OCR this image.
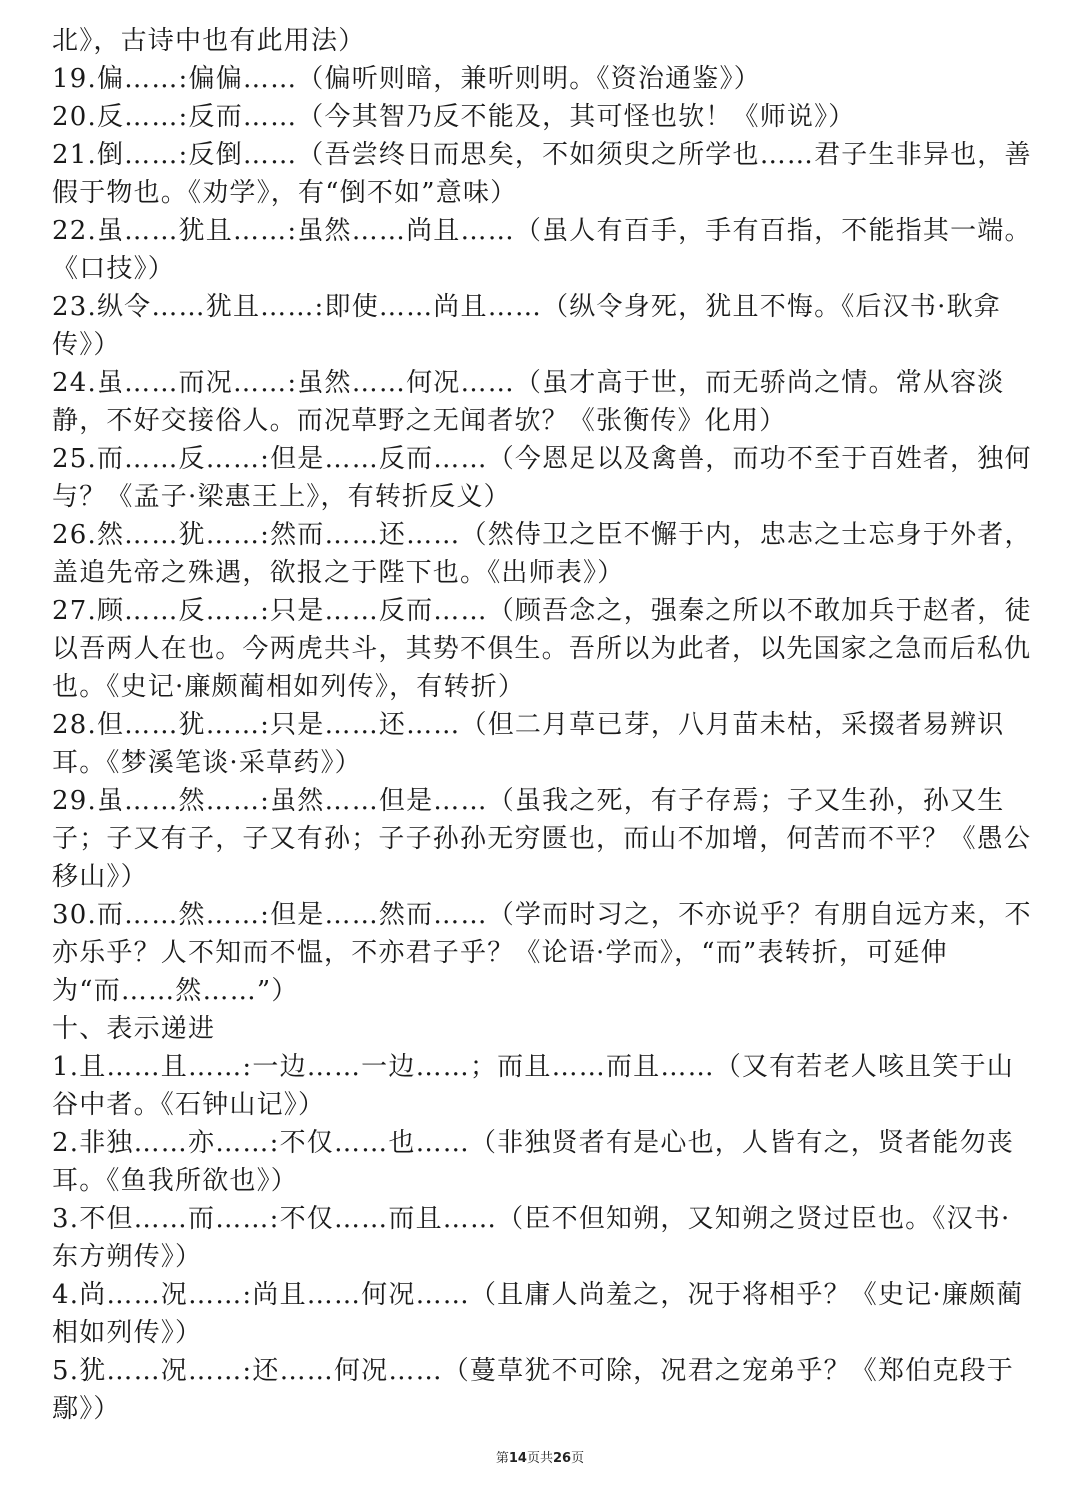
北》，古诗中也有此用法）

19.偏……:偏偏……（偏听则暗，兼听则明。《资治通鉴》）

20.反……:反而……（今其智乃反不能及，其可怪也欤！《师说》）

21.倒……:反倒……（吾尝终日而思矣，不如须臾之所学也……君子生非异也，善假于物也。《劝学》，有“倒不如”意味）

22.虽……犹且……:虽然……尚且……（虽人有百手，手有百指，不能指其一端。《口技》）

23.纵令……犹且……:即使……尚且……（纵令身死，犹且不悔。《后汉书·耿弇传》）

24.虽……而况……:虽然……何况……（虽才高于世，而无骄尚之情。常从容淡静，不好交接俗人。而况草野之无闻者欤？《张衡传》化用）

25.而……反……:但是……反而……（今恩足以及禽兽，而功不至于百姓者，独何与？《孟子·梁惠王上》，有转折反义）

26.然……犹……:然而……还……（然侍卫之臣不懈于内，忠志之士忘身于外者，盖追先帝之殊遇，欲报之于陛下也。《出师表》）

27.顾……反……:只是……反而……（顾吾念之，强秦之所以不敢加兵于赵者，徒以吾两人在也。今两虎共斗，其势不俱生。吾所以为此者，以先国家之急而后私仇也。《史记·廉颇蔺相如列传》，有转折）

28.但……犹……:只是……还……（但二月草已芽，八月苗未枯，采掇者易辨识耳。《梦溪笔谈·采草药》）

29.虽……然……:虽然……但是……（虽我之死，有子存焉；子又生孙，孙又生子；子又有子，子又有孙；子子孙孙无穷匮也，而山不加增，何苦而不平？《愚公移山》）

30.而……然……:但是……然而……（学而时习之，不亦说乎？有朋自远方来，不亦乐乎？人不知而不愠，不亦君子乎？《论语·学而》，“而”表转折，可延伸为“而……然……”）

十、表示递进

1.且……且……:一边……一边……；而且……而且……（又有若老人咳且笑于山谷中者。《石钟山记》）

2.非独……亦……:不仅……也……（非独贤者有是心也，人皆有之，贤者能勿丧耳。《鱼我所欲也》）

3.不但……而……:不仅……而且……（臣不但知朔，又知朔之贤过臣也。《汉书·东方朔传》）

4.尚……况……:尚且……何况……（且庸人尚羞之，况于将相乎？《史记·廉颇蔺相如列传》）

5.犹……况……:还……何况……（蔓草犹不可除，况君之宠弟乎？《郑伯克段于鄢》）

第14页共26页
